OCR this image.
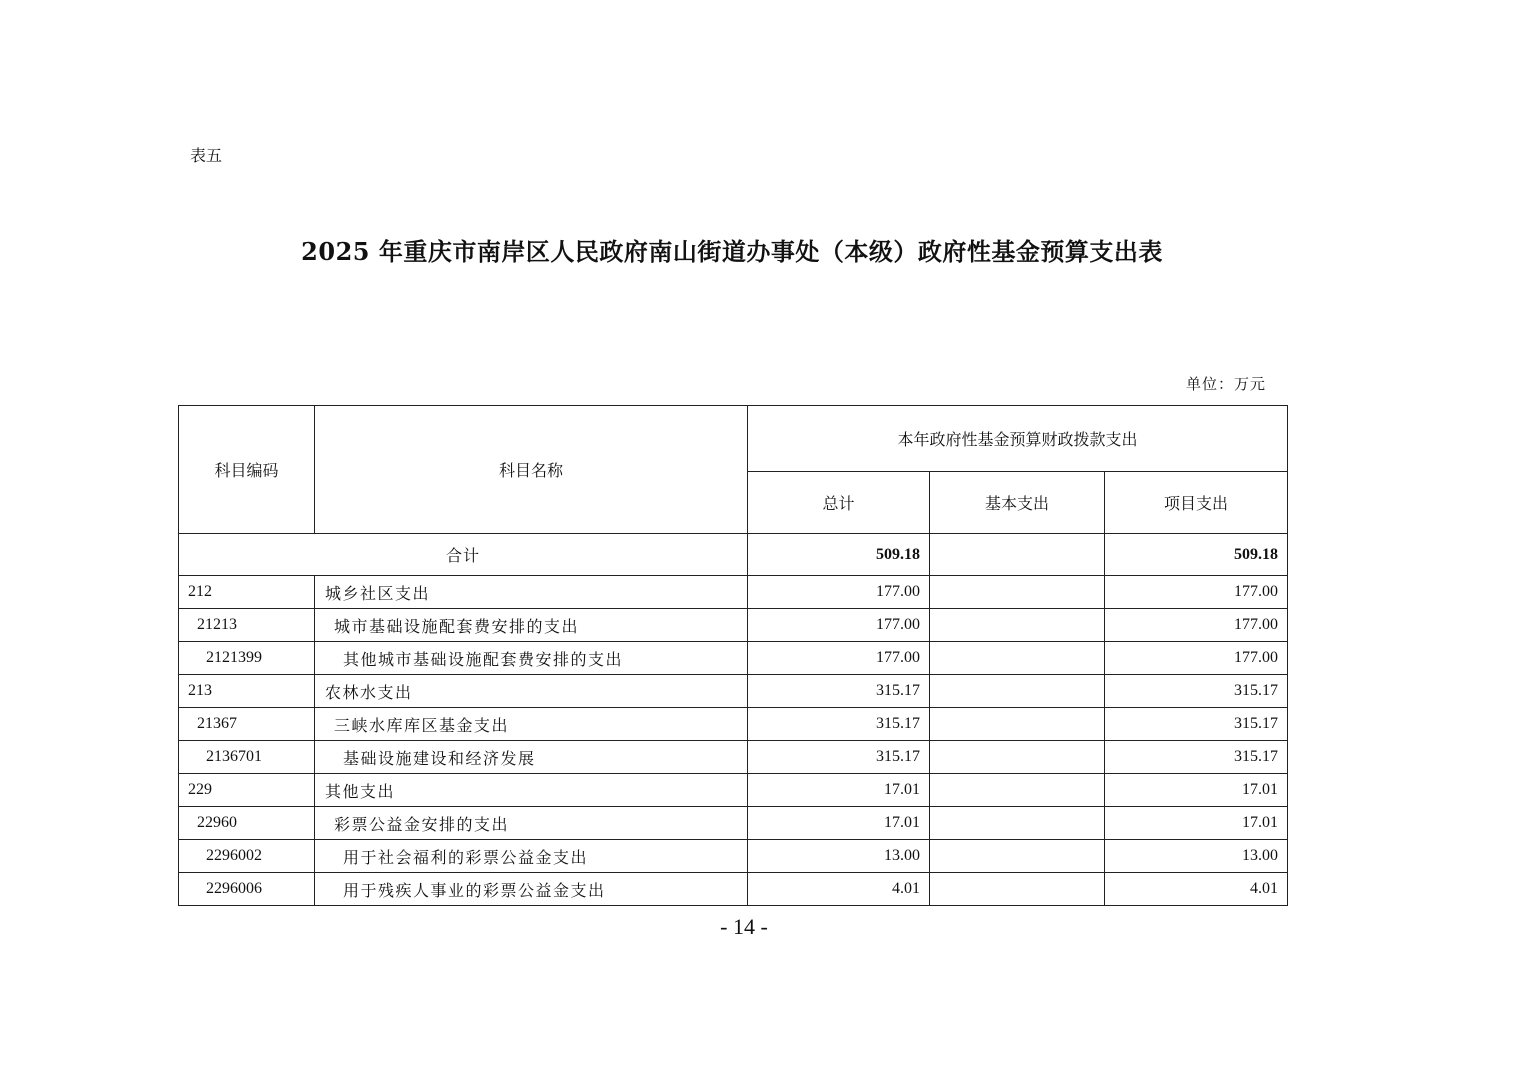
表五
2025 年重庆市南岸区人民政府南山街道办事处（本级）政府性基金预算支出表
单位：万元
科目编码	科目名称	本年政府性基金预算财政拨款支出		
		总计	基本支出	项目支出
合计		509.18		509.18
212	城乡社区支出	177.00		177.00
21213	城市基础设施配套费安排的支出	177.00		177.00
2121399	其他城市基础设施配套费安排的支出	177.00		177.00
213	农林水支出	315.17		315.17
21367	三峡水库库区基金支出	315.17		315.17
2136701	基础设施建设和经济发展	315.17		315.17
229	其他支出	17.01		17.01
22960	彩票公益金安排的支出	17.01		17.01
2296002	用于社会福利的彩票公益金支出	13.00		13.00
2296006	用于残疾人事业的彩票公益金支出	4.01		4.01
- 14 -
